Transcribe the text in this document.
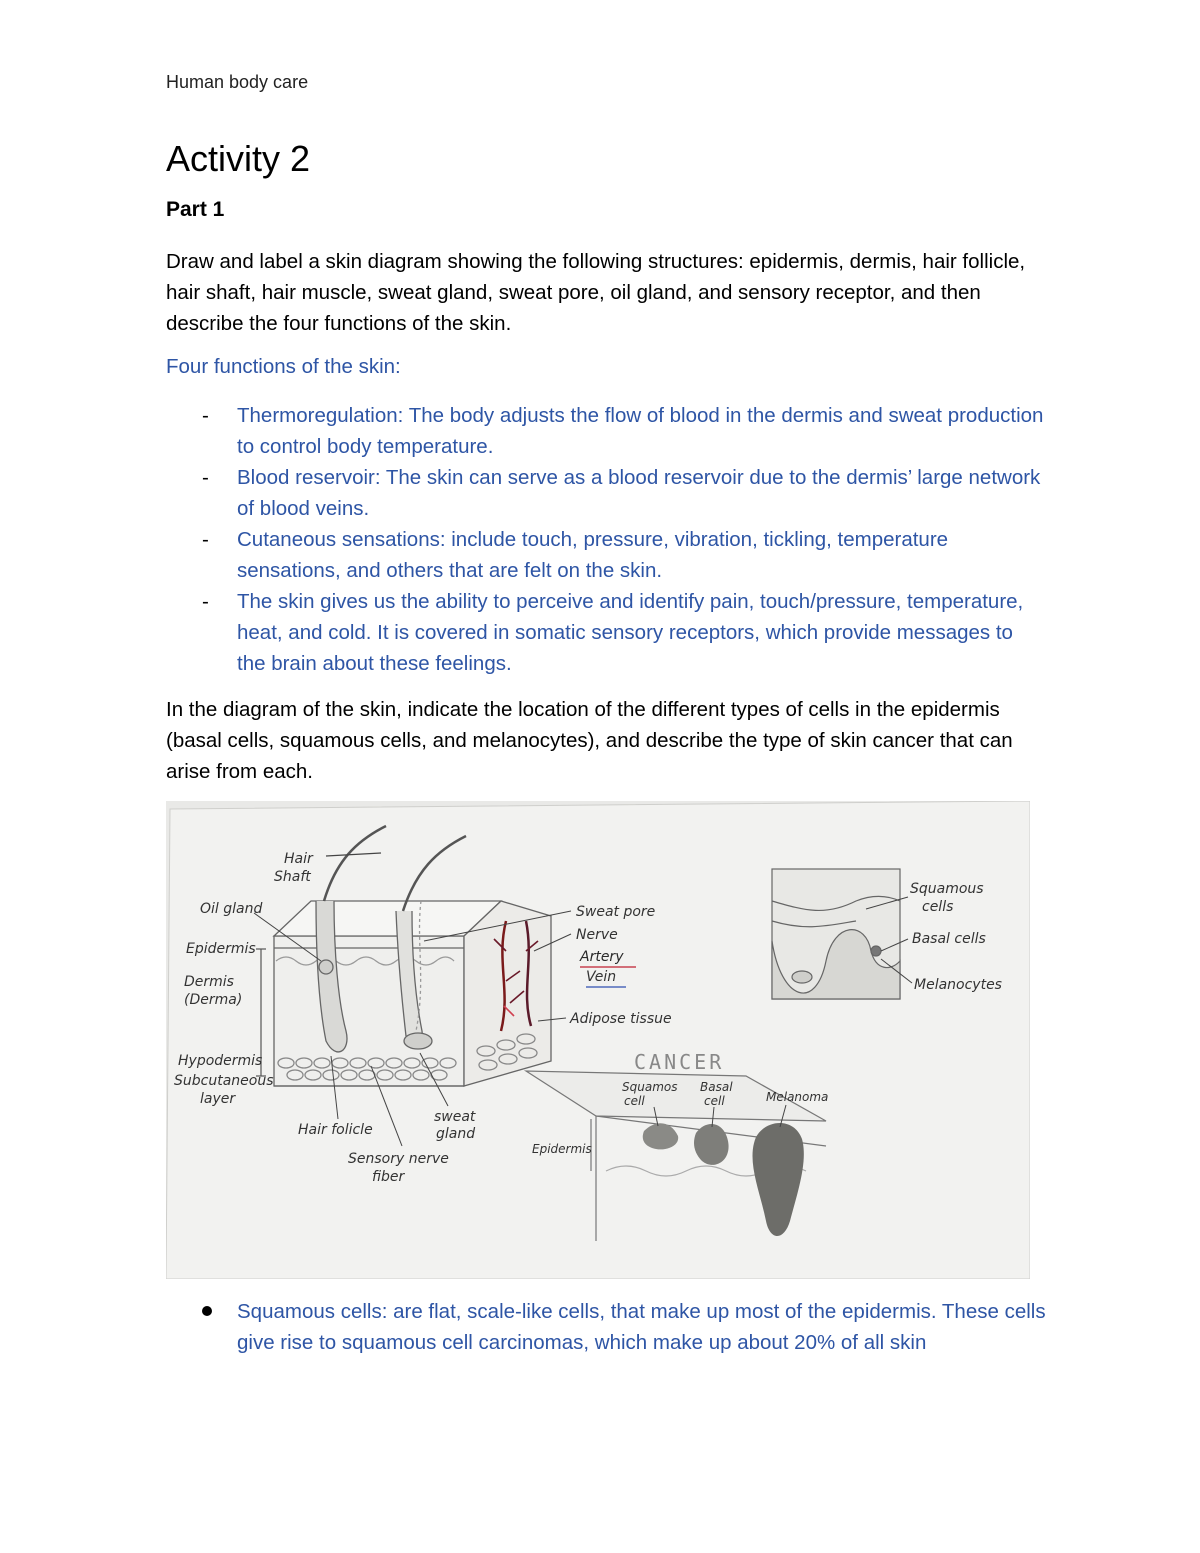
Human body care
Activity 2
Part 1

Draw and label a skin diagram showing the following structures: epidermis, dermis, hair follicle, hair shaft, hair muscle, sweat gland, sweat pore, oil gland, and sensory receptor, and then describe the four functions of the skin.

Four functions of the skin:

- Thermoregulation: The body adjusts the flow of blood in the dermis and sweat production to control body temperature.
- Blood reservoir: The skin can serve as a blood reservoir due to the dermis’ large network of blood veins.
- Cutaneous sensations: include touch, pressure, vibration, tickling, temperature sensations, and others that are felt on the skin.
- The skin gives us the ability to perceive and identify pain, touch/pressure, temperature, heat, and cold. It is covered in somatic sensory receptors, which provide messages to the brain about these feelings.

In the diagram of the skin, indicate the location of the different types of cells in the epidermis (basal cells, squamous cells, and melanocytes), and describe the type of skin cancer that can arise from each.

Hair
Shaft
Oil gland
Epidermis
Dermis
(Derma)
Hypodermis
Subcutaneous
layer
Hair folicle
Sensory nerve
fiber
sweat
gland
Sweat pore
Nerve
Artery
Vein
Adipose tissue
Squamous
cells
Basal cells
Melanocytes
CANCER
Squamos
cell
Basal
cell	Melanoma
Epidermis
Squamous cells: are flat, scale-like cells, that make up most of the epidermis. These cells give rise to squamous cell carcinomas, which make up about 20% of all skin
